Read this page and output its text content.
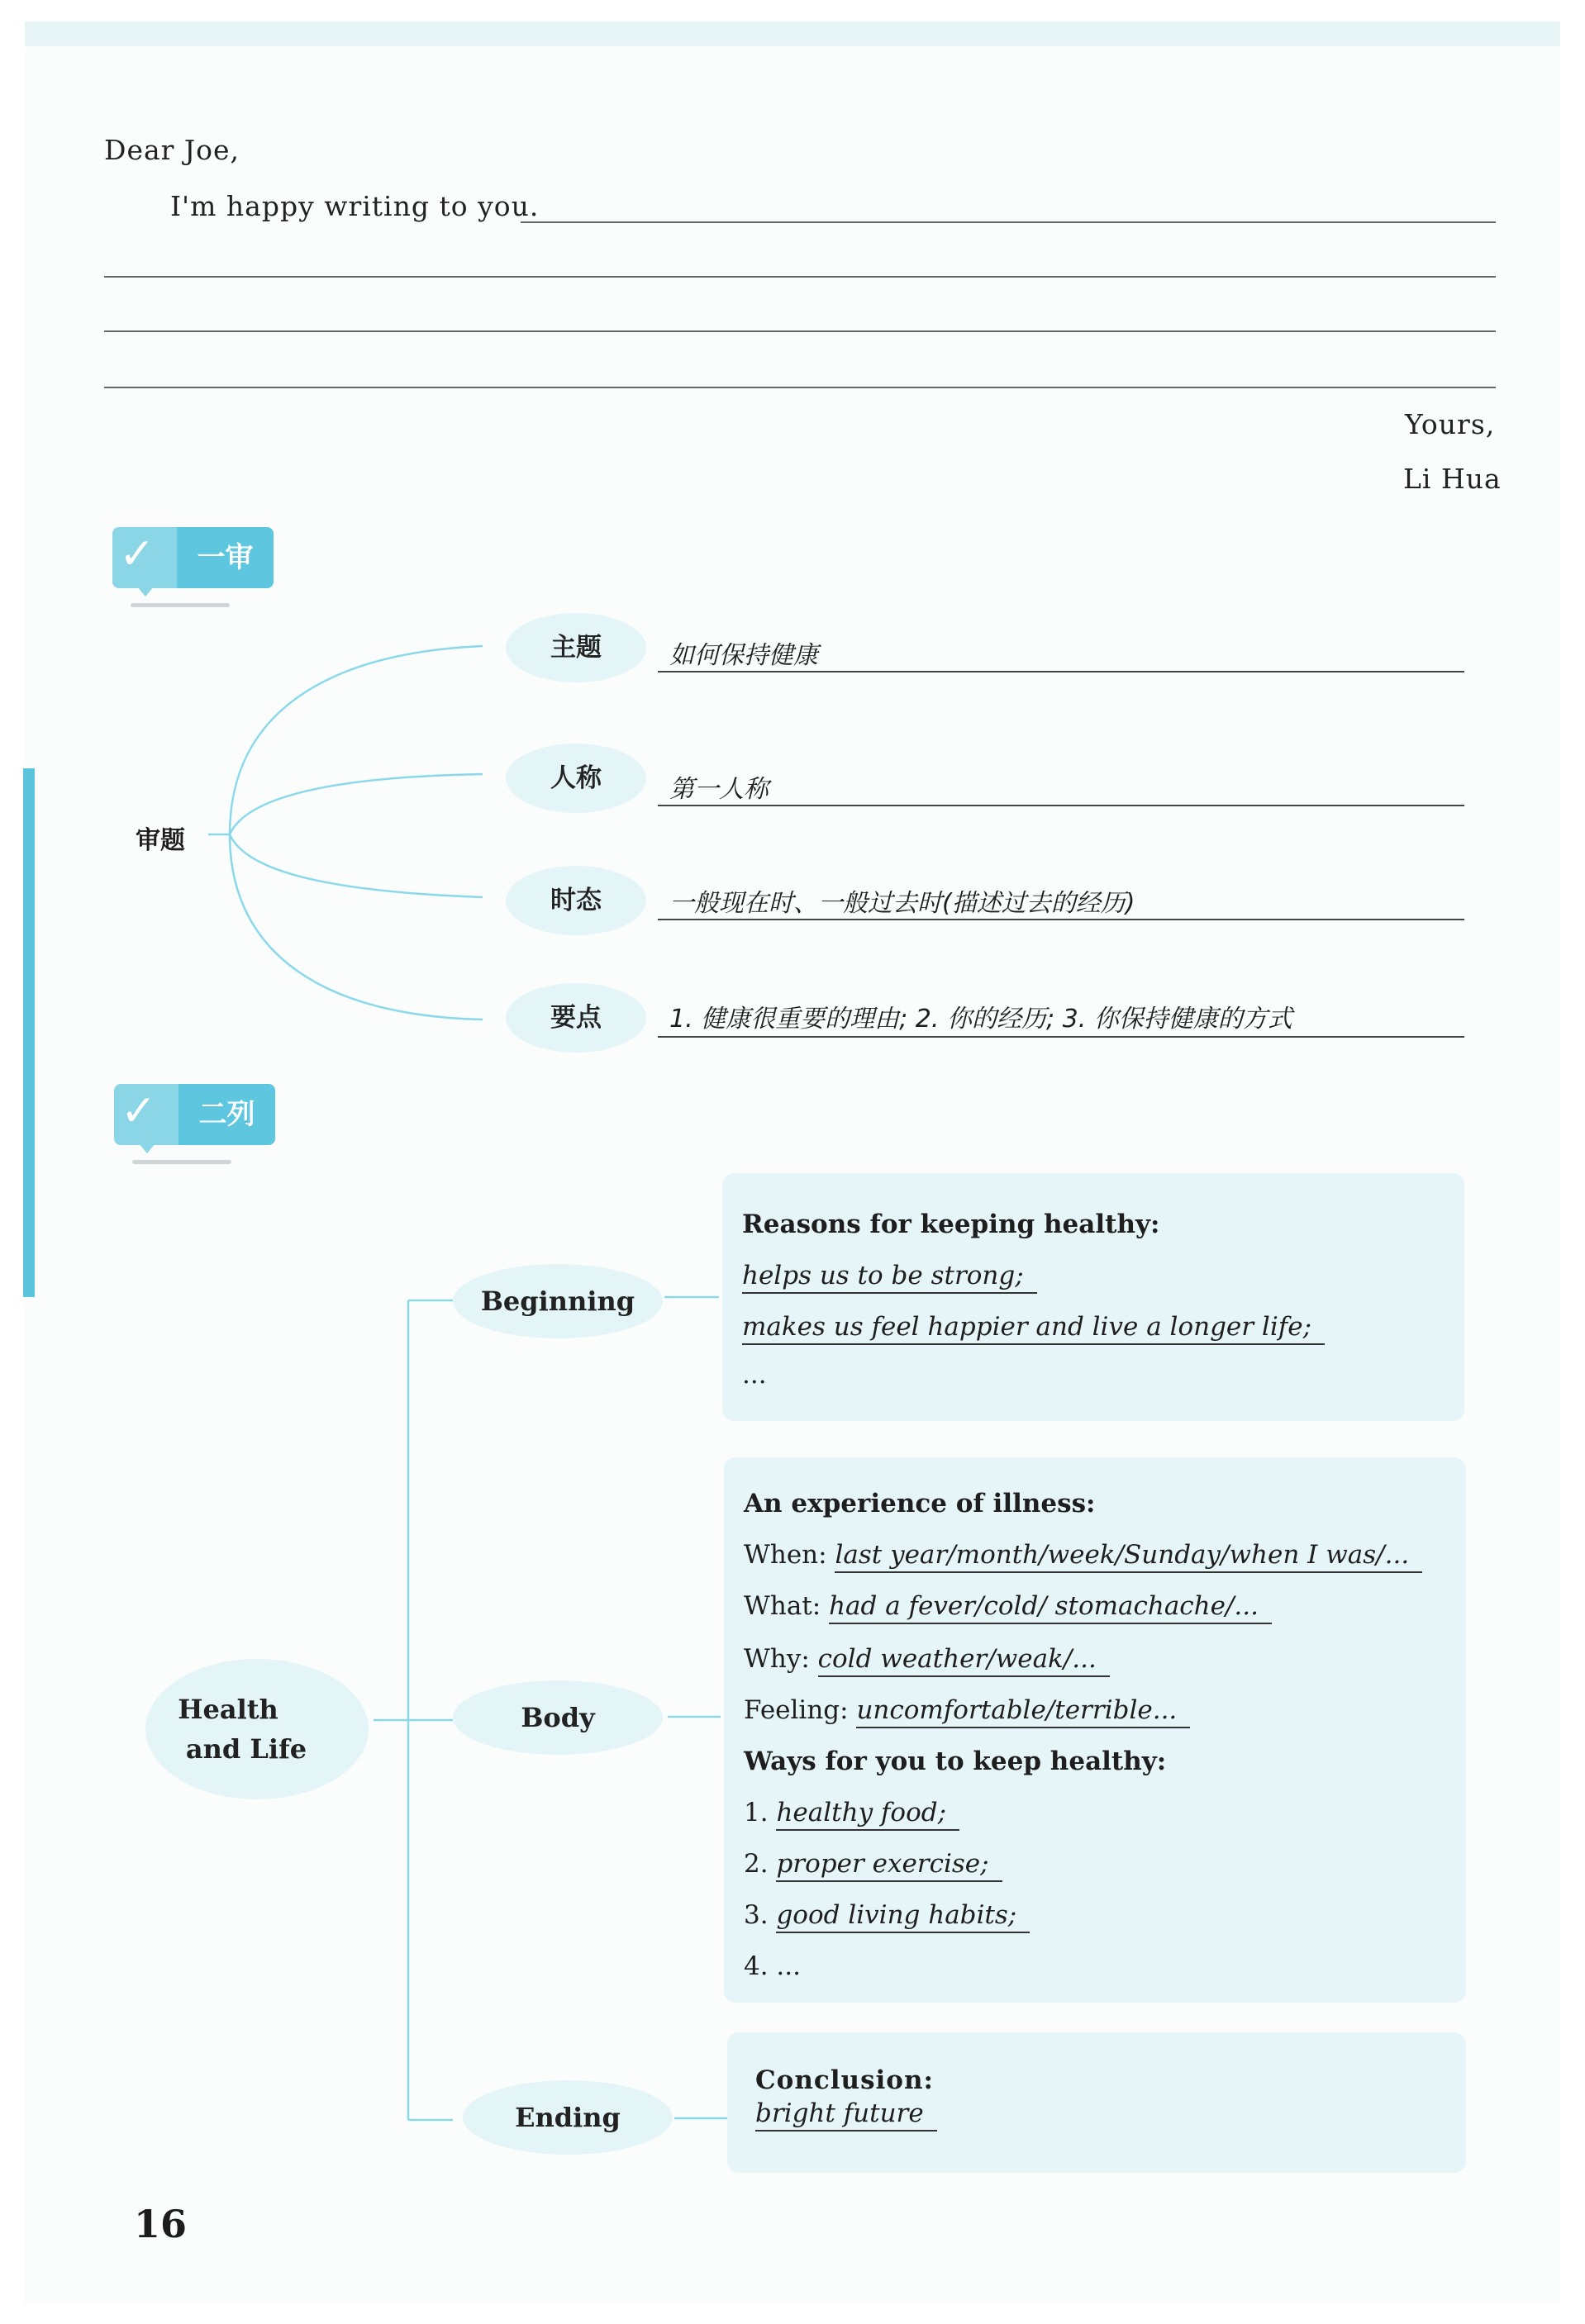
Dear Joe,
I'm happy writing to you.
Yours,
Li Hua
✓	一审
审题
主题	如何保持健康
人称	第一人称
时态	一般现在时、一般过去时(描述过去的经历)
要点	1. 健康很重要的理由; 2. 你的经历; 3. 你保持健康的方式
✓	二列
Health
and Life
Beginning
Body
Ending
Reasons for keeping healthy:
helps us to be strong;
makes us feel happier and live a longer life;
...
An experience of illness:
When: last year/month/week/Sunday/when I was/...
What: had a fever/cold/ stomachache/...
Why: cold weather/weak/...
Feeling: uncomfortable/terrible...
Ways for you to keep healthy:
1. healthy food;
2. proper exercise;
3. good living habits;
4. ...
Conclusion:
bright future
16
